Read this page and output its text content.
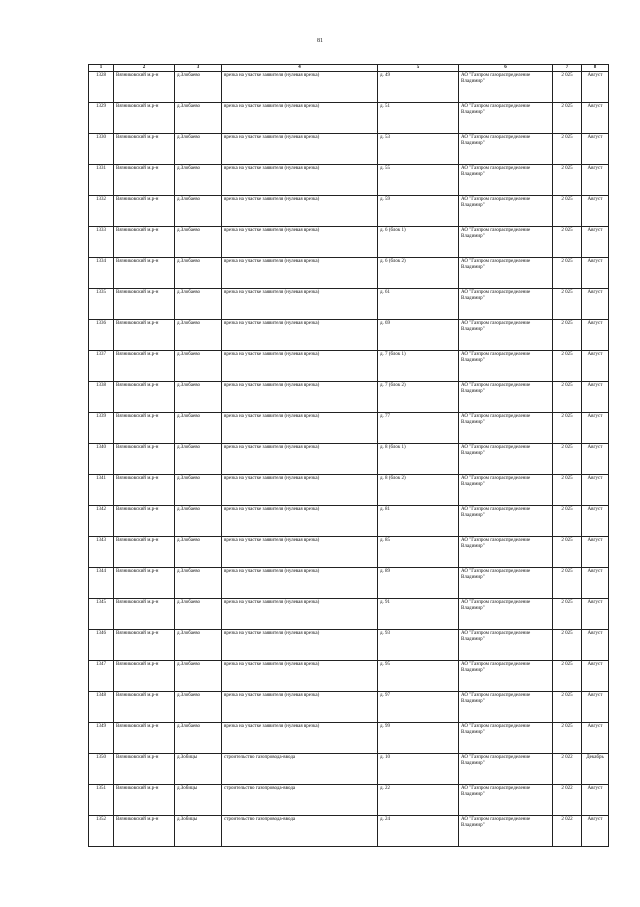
81
1	2	3	4	5	6	7	8
1328	Вязниковский м.р-н	д.Злобаево	врезка на участке заявителя (нулевая врезка)	д. 49	АО "Газпром газораспределение Владимир"	2 025	Август
1329	Вязниковский м.р-н	д.Злобаево	врезка на участке заявителя (нулевая врезка)	д. 51	АО "Газпром газораспределение Владимир"	2 025	Август
1330	Вязниковский м.р-н	д.Злобаево	врезка на участке заявителя (нулевая врезка)	д. 53	АО "Газпром газораспределение Владимир"	2 025	Август
1331	Вязниковский м.р-н	д.Злобаево	врезка на участке заявителя (нулевая врезка)	д. 55	АО "Газпром газораспределение Владимир"	2 025	Август
1332	Вязниковский м.р-н	д.Злобаево	врезка на участке заявителя (нулевая врезка)	д. 59	АО "Газпром газораспределение Владимир"	2 025	Август
1333	Вязниковский м.р-н	д.Злобаево	врезка на участке заявителя (нулевая врезка)	д. 6 (блок 1)	АО "Газпром газораспределение Владимир"	2 025	Август
1334	Вязниковский м.р-н	д.Злобаево	врезка на участке заявителя (нулевая врезка)	д. 6 (блок 2)	АО "Газпром газораспределение Владимир"	2 025	Август
1335	Вязниковский м.р-н	д.Злобаево	врезка на участке заявителя (нулевая врезка)	д. 61	АО "Газпром газораспределение Владимир"	2 025	Август
1336	Вязниковский м.р-н	д.Злобаево	врезка на участке заявителя (нулевая врезка)	д. 69	АО "Газпром газораспределение Владимир"	2 025	Август
1337	Вязниковский м.р-н	д.Злобаево	врезка на участке заявителя (нулевая врезка)	д. 7 (блок 1)	АО "Газпром газораспределение Владимир"	2 025	Август
1338	Вязниковский м.р-н	д.Злобаево	врезка на участке заявителя (нулевая врезка)	д. 7 (блок 2)	АО "Газпром газораспределение Владимир"	2 025	Август
1339	Вязниковский м.р-н	д.Злобаево	врезка на участке заявителя (нулевая врезка)	д. 77	АО "Газпром газораспределение Владимир"	2 025	Август
1340	Вязниковский м.р-н	д.Злобаево	врезка на участке заявителя (нулевая врезка)	д. 8 (блок 1)	АО "Газпром газораспределение Владимир"	2 025	Август
1341	Вязниковский м.р-н	д.Злобаево	врезка на участке заявителя (нулевая врезка)	д. 8 (блок 2)	АО "Газпром газораспределение Владимир"	2 025	Август
1342	Вязниковский м.р-н	д.Злобаево	врезка на участке заявителя (нулевая врезка)	д. 81	АО "Газпром газораспределение Владимир"	2 025	Август
1343	Вязниковский м.р-н	д.Злобаево	врезка на участке заявителя (нулевая врезка)	д. 85	АО "Газпром газораспределение Владимир"	2 025	Август
1344	Вязниковский м.р-н	д.Злобаево	врезка на участке заявителя (нулевая врезка)	д. 89	АО "Газпром газораспределение Владимир"	2 025	Август
1345	Вязниковский м.р-н	д.Злобаево	врезка на участке заявителя (нулевая врезка)	д. 91	АО "Газпром газораспределение Владимир"	2 025	Август
1346	Вязниковский м.р-н	д.Злобаево	врезка на участке заявителя (нулевая врезка)	д. 93	АО "Газпром газораспределение Владимир"	2 025	Август
1347	Вязниковский м.р-н	д.Злобаево	врезка на участке заявителя (нулевая врезка)	д. 95	АО "Газпром газораспределение Владимир"	2 025	Август
1348	Вязниковский м.р-н	д.Злобаево	врезка на участке заявителя (нулевая врезка)	д. 97	АО "Газпром газораспределение Владимир"	2 025	Август
1349	Вязниковский м.р-н	д.Злобаево	врезка на участке заявителя (нулевая врезка)	д. 99	АО "Газпром газораспределение Владимир"	2 025	Август
1350	Вязниковский м.р-н	д.Зобицы	строительство газопровода-ввода	д. 10	АО "Газпром газораспределение Владимир"	2 022	Декабрь
1351	Вязниковский м.р-н	д.Зобицы	строительство газопровода-ввода	д. 22	АО "Газпром газораспределение Владимир"	2 022	Август
1352	Вязниковский м.р-н	д.Зобицы	строительство газопровода-ввода	д. 24	АО "Газпром газораспределение Владимир"	2 022	Август
